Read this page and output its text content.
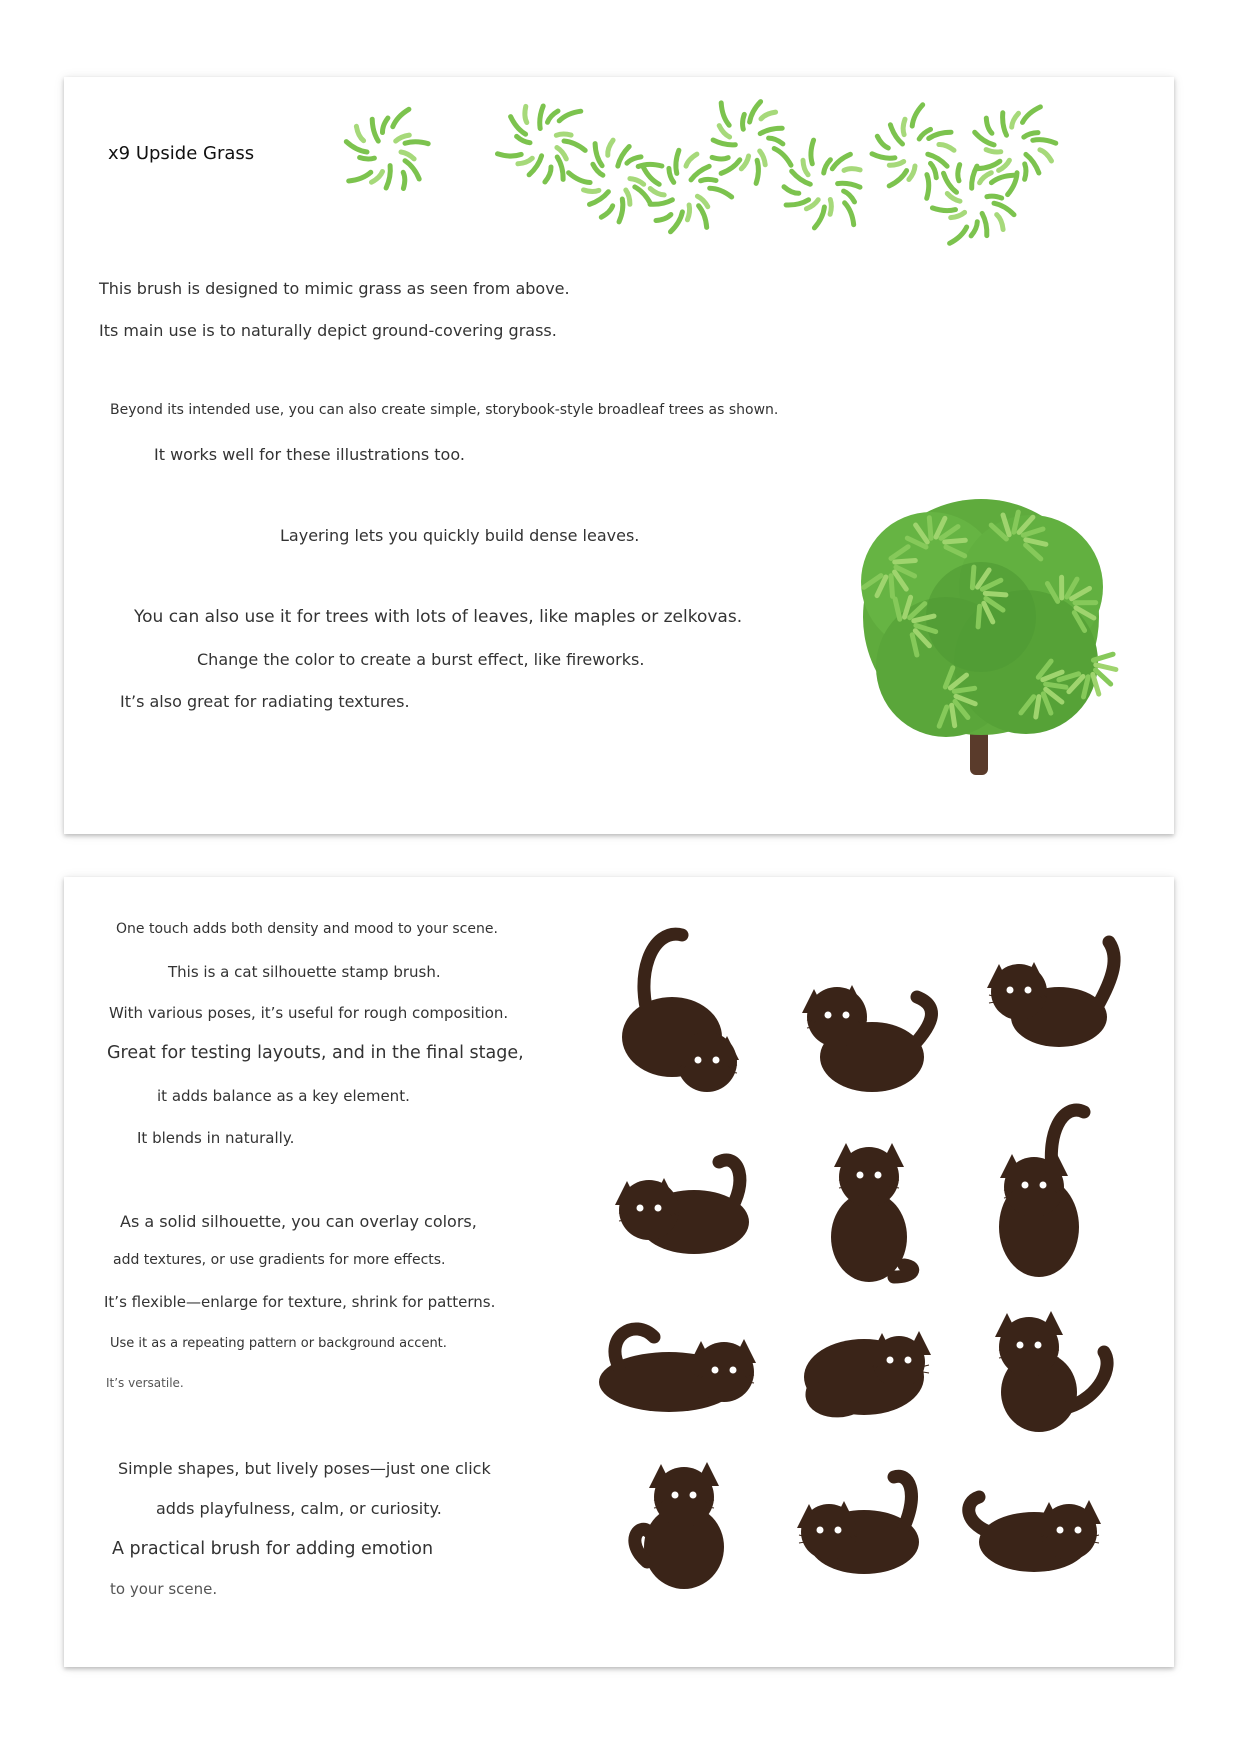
x9 Upside Grass
This brush is designed to mimic grass as seen from above.
Its main use is to naturally depict ground-covering grass.
Beyond its intended use, you can also create simple, storybook-style broadleaf trees as shown.
It works well for these illustrations too.
Layering lets you quickly build dense leaves.
You can also use it for trees with lots of leaves, like maples or zelkovas.
Change the color to create a burst effect, like fireworks.
It’s also great for radiating textures.
One touch adds both density and mood to your scene.
This is a cat silhouette stamp brush.
With various poses, it’s useful for rough composition.
Great for testing layouts, and in the final stage,
it adds balance as a key element.
It blends in naturally.
As a solid silhouette, you can overlay colors,
add textures, or use gradients for more effects.
It’s flexible—enlarge for texture, shrink for patterns.
Use it as a repeating pattern or background accent.
It’s versatile.
Simple shapes, but lively poses—just one click
adds playfulness, calm, or curiosity.
A practical brush for adding emotion
to your scene.
